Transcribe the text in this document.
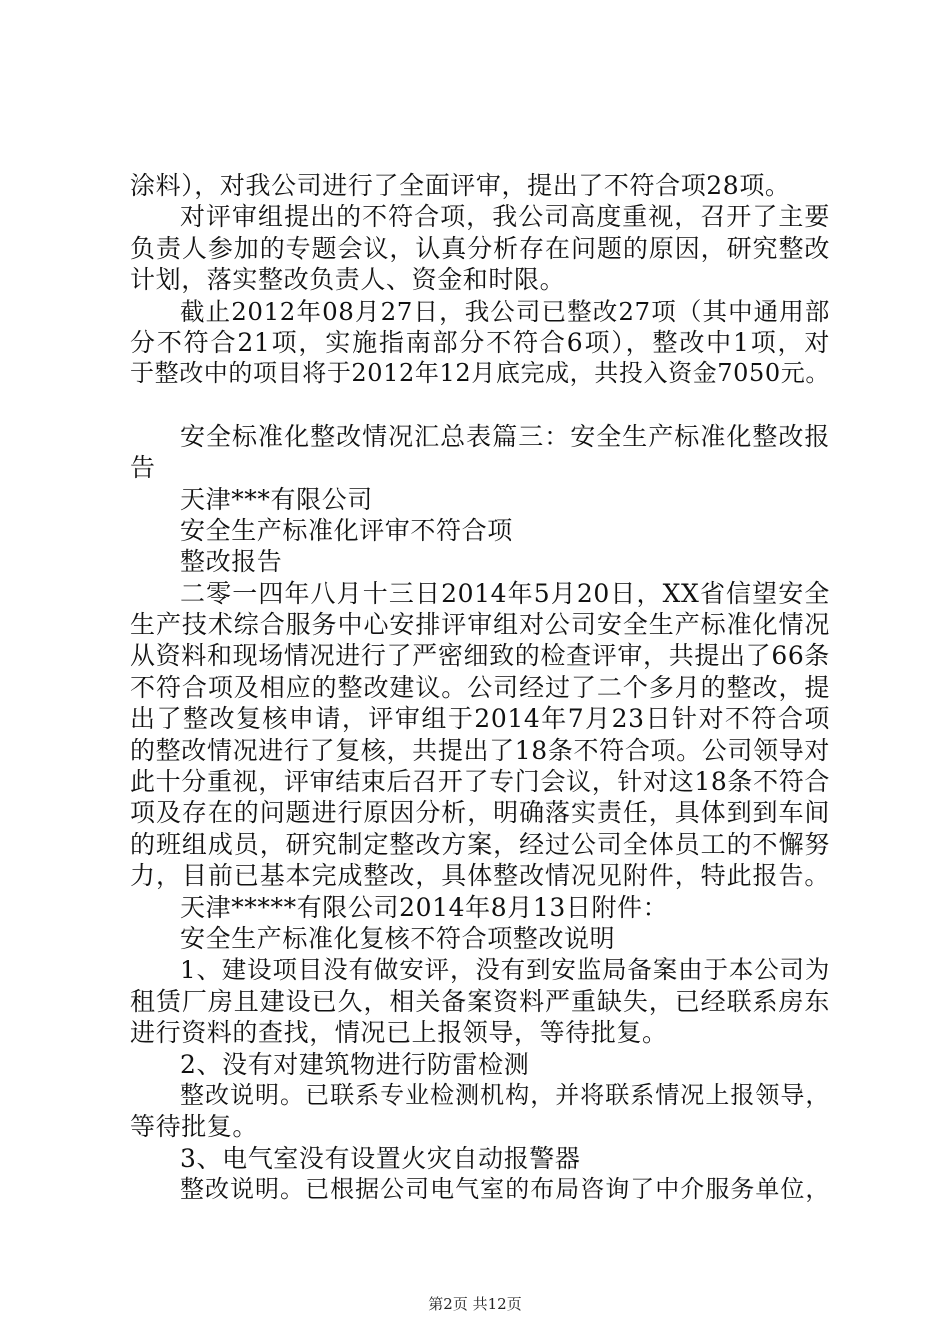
涂料），对我公司进行了全面评审，提出了不符合项28项。
对评审组提出的不符合项，我公司高度重视，召开了主要
负责人参加的专题会议，认真分析存在问题的原因，研究整改
计划，落实整改负责人、资金和时限。
截止2012年08月27日，我公司已整改27项（其中通用部
分不符合21项，实施指南部分不符合6项），整改中1项，对
于整改中的项目将于2012年12月底完成，共投入资金7050元。
安全标准化整改情况汇总表篇三：安全生产标准化整改报
告
天津***有限公司
安全生产标准化评审不符合项
整改报告
二零一四年八月十三日2014年5月20日，XX省信望安全
生产技术综合服务中心安排评审组对公司安全生产标准化情况
从资料和现场情况进行了严密细致的检查评审，共提出了66条
不符合项及相应的整改建议。公司经过了二个多月的整改，提
出了整改复核申请，评审组于2014年7月23日针对不符合项
的整改情况进行了复核，共提出了18条不符合项。公司领导对
此十分重视，评审结束后召开了专门会议，针对这18条不符合
项及存在的问题进行原因分析，明确落实责任，具体到到车间
的班组成员，研究制定整改方案，经过公司全体员工的不懈努
力，目前已基本完成整改，具体整改情况见附件，特此报告。
天津*****有限公司2014年8月13日附件：
安全生产标准化复核不符合项整改说明
1、建设项目没有做安评，没有到安监局备案由于本公司为
租赁厂房且建设已久，相关备案资料严重缺失，已经联系房东
进行资料的查找，情况已上报领导，等待批复。
2、没有对建筑物进行防雷检测
整改说明。已联系专业检测机构，并将联系情况上报领导，
等待批复。
3、电气室没有设置火灾自动报警器
整改说明。已根据公司电气室的布局咨询了中介服务单位，
第2页 共12页
